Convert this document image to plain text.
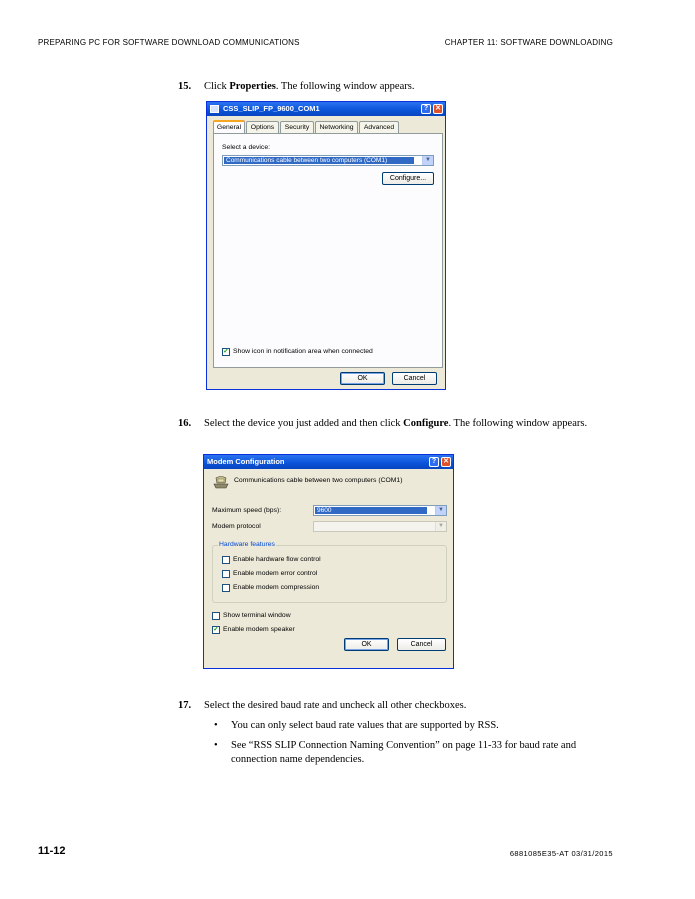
PREPARING PC FOR SOFTWARE DOWNLOAD COMMUNICATIONS	CHAPTER 11: SOFTWARE DOWNLOADING
15. Click Properties. The following window appears.
CSS_SLIP_FP_9600_COM1	? ✕
General	Options	Security	Networking	Advanced
Select a device:
Communications cable between two computers (COM1)	▼
Configure...
✓ Show icon in notification area when connected
OK	Cancel
16. Select the device you just added and then click Configure. The following window appears.
Modem Configuration	? ✕
Communications cable between two computers (COM1)
Maximum speed (bps):	9600	▼
Modem protocol	▼
Hardware features
Enable hardware flow control
Enable modem error control
Enable modem compression
Show terminal window
✓ Enable modem speaker
OK	Cancel
17. Select the desired baud rate and uncheck all other checkboxes.
• You can only select baud rate values that are supported by RSS.
• See “RSS SLIP Connection Naming Convention” on page 11-33 for baud rate and connection name dependencies.
11-12	6881085E35-AT 03/31/2015
